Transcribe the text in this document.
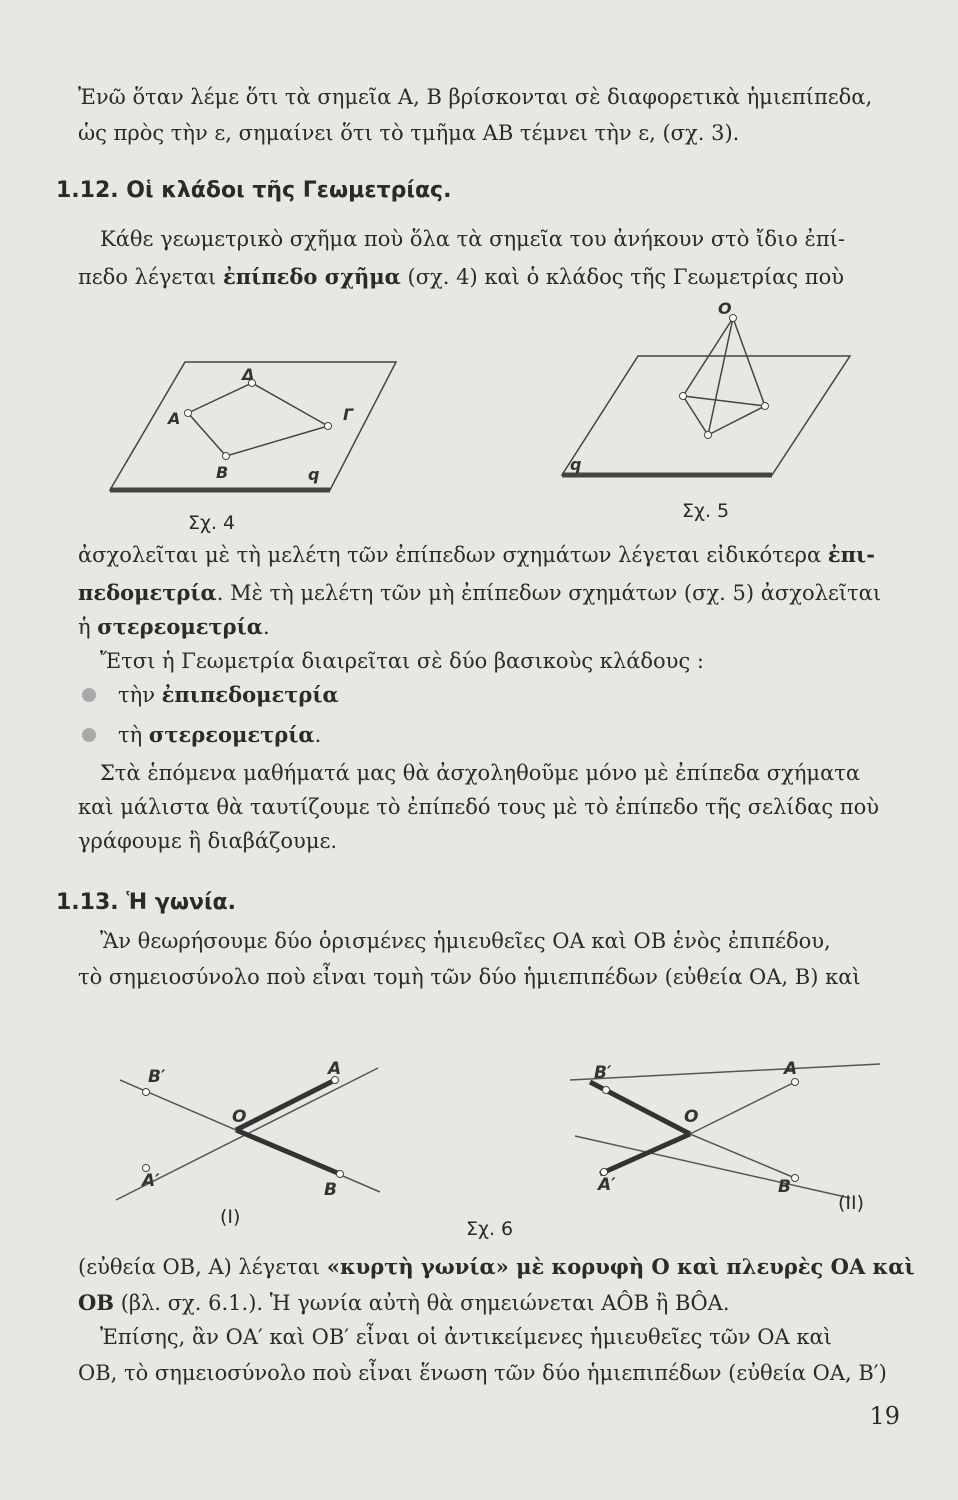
Ἐνῶ ὅταν λέμε ὅτι τὰ σημεῖα Α, Β βρίσκονται σὲ διαφορετικὰ ἡμιεπίπεδα,
ὡς πρὸς τὴν ε, σημαίνει ὅτι τὸ τμῆμα ΑΒ τέμνει τὴν ε, (σχ. 3).
1.12. Οἱ κλάδοι τῆς Γεωμετρίας.
Κάθε γεωμετρικὸ σχῆμα ποὺ ὅλα τὰ σημεῖα του ἀνήκουν στὸ ἴδιο ἐπί-
πεδο λέγεται ἐπίπεδο σχῆμα (σχ. 4) καὶ ὁ κλάδος τῆς Γεωμετρίας ποὺ
Α
Δ
Γ
Β	q
Σχ. 4
Ο
q
Σχ. 5
ἀσχολεῖται μὲ τὴ μελέτη τῶν ἐπίπεδων σχημάτων λέγεται εἰδικότερα ἐπι-
πεδομετρία. Μὲ τὴ μελέτη τῶν μὴ ἐπίπεδων σχημάτων (σχ. 5) ἀσχολεῖται
ἡ στερεομετρία.
Ἔτσι ἡ Γεωμετρία διαιρεῖται σὲ δύο βασικοὺς κλάδους :
τὴν ἐπιπεδομετρία
τὴ στερεομετρία.
Στὰ ἑπόμενα μαθήματά μας θὰ ἀσχοληθοῦμε μόνο μὲ ἐπίπεδα σχήματα
καὶ μάλιστα θὰ ταυτίζουμε τὸ ἐπίπεδό τους μὲ τὸ ἐπίπεδο τῆς σελίδας ποὺ
γράφουμε ἢ διαβάζουμε.
1.13. Ἡ γωνία.
Ἂν θεωρήσουμε δύο ὁρισμένες ἡμιευθεῖες ΟΑ καὶ ΟΒ ἑνὸς ἐπιπέδου,
τὸ σημειοσύνολο ποὺ εἶναι τομὴ τῶν δύο ἡμιεπιπέδων (εὐθεία ΟΑ, Β) καὶ
Β′	Α
Ο
Α′	Β
Β′	Α
Ο
Α′	Β
(I)
Σχ. 6
(II)
(εὐθεία ΟΒ, Α) λέγεται «κυρτὴ γωνία» μὲ κορυφὴ Ο καὶ πλευρὲς ΟΑ καὶ
ΟΒ (βλ. σχ. 6.1.). Ἡ γωνία αὐτὴ θὰ σημειώνεται ΑÔΒ ἢ ΒÔΑ.
Ἐπίσης, ἂν ΟΑ′ καὶ ΟΒ′ εἶναι οἱ ἀντικείμενες ἡμιευθεῖες τῶν ΟΑ καὶ
ΟΒ, τὸ σημειοσύνολο ποὺ εἶναι ἕνωση τῶν δύο ἡμιεπιπέδων (εὐθεία ΟΑ, Β′)
19
